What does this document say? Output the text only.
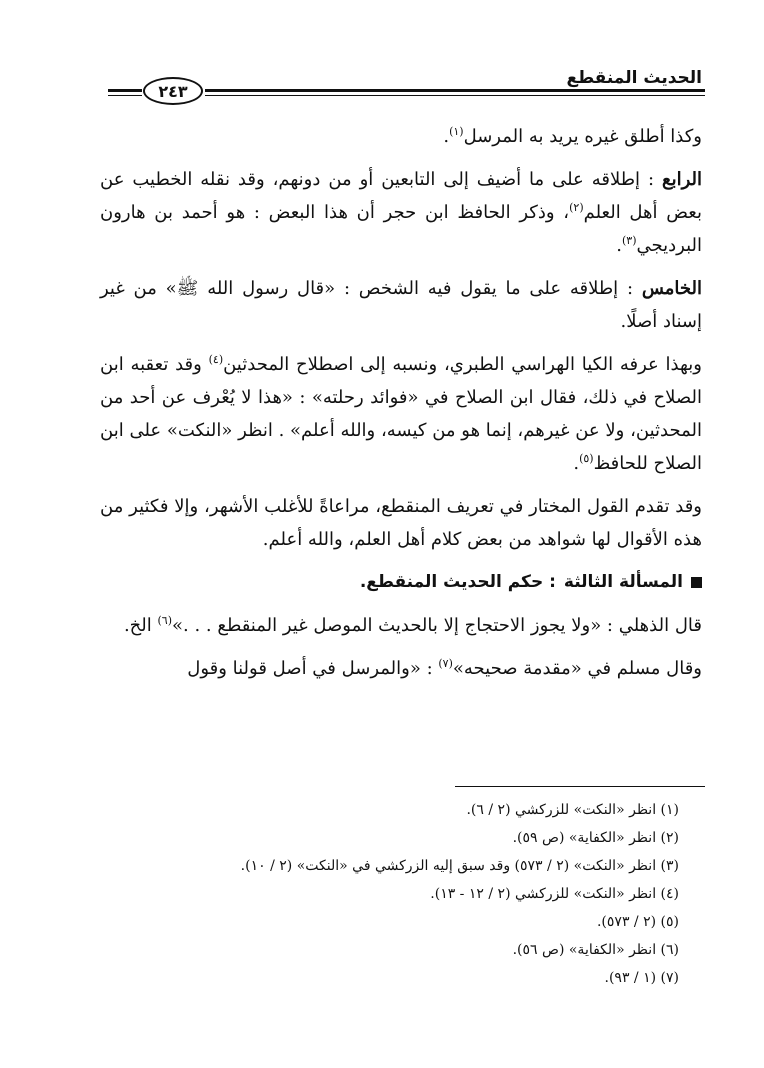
الحديث المنقطع
٢٤٣

وكذا أطلق غيره يريد به المرسل$^{(١)}$.

الرابع : إطلاقه على ما أضيف إلى التابعين أو من دونهم، وقد نقله الخطيب عن بعض أهل العلم$^{(٢)}$، وذكر الحافظ ابن حجر أن هذا البعض : هو أحمد بن هارون البرديجي$^{(٣)}$.

الخامس : إطلاقه على ما يقول فيه الشخص : «قال رسول الله ﷺ» من غير إسناد أصلًا.

وبهذا عرفه الكيا الهراسي الطبري، ونسبه إلى اصطلاح المحدثين$^{(٤)}$ وقد تعقبه ابن الصلاح في ذلك، فقال ابن الصلاح في «فوائد رحلته» : «هذا لا يُعْرف عن أحد من المحدثين، ولا عن غيرهم، إنما هو من كيسه، والله أعلم» . انظر «النكت» على ابن الصلاح للحافظ$^{(٥)}$.

وقد تقدم القول المختار في تعريف المنقطع، مراعاةً للأغلب الأشهر، وإلا فكثير من هذه الأقوال لها شواهد من بعض كلام أهل العلم، والله أعلم.

المسألة الثالثة
: حكم الحديث المنقطع.

قال الذهلي : «ولا يجوز الاحتجاج إلا بالحديث الموصل غير المنقطع . . .»$^{(٦)}$ الخ.

وقال مسلم في «مقدمة صحيحه»$^{(٧)}$ : «والمرسل في أصل قولنا وقول

(١) انظر «النكت» للزركشي (٢ / ٦).
(٢) انظر «الكفاية» (ص ٥٩).
(٣) انظر «النكت» (٢ / ٥٧٣) وقد سبق إليه الزركشي في «النكت» (٢ / ١٠).
(٤) انظر «النكت» للزركشي (٢ / ١٢ - ١٣).
(٥) (٢ / ٥٧٣).
(٦) انظر «الكفاية» (ص ٥٦).
(٧) (١ / ٩٣).
